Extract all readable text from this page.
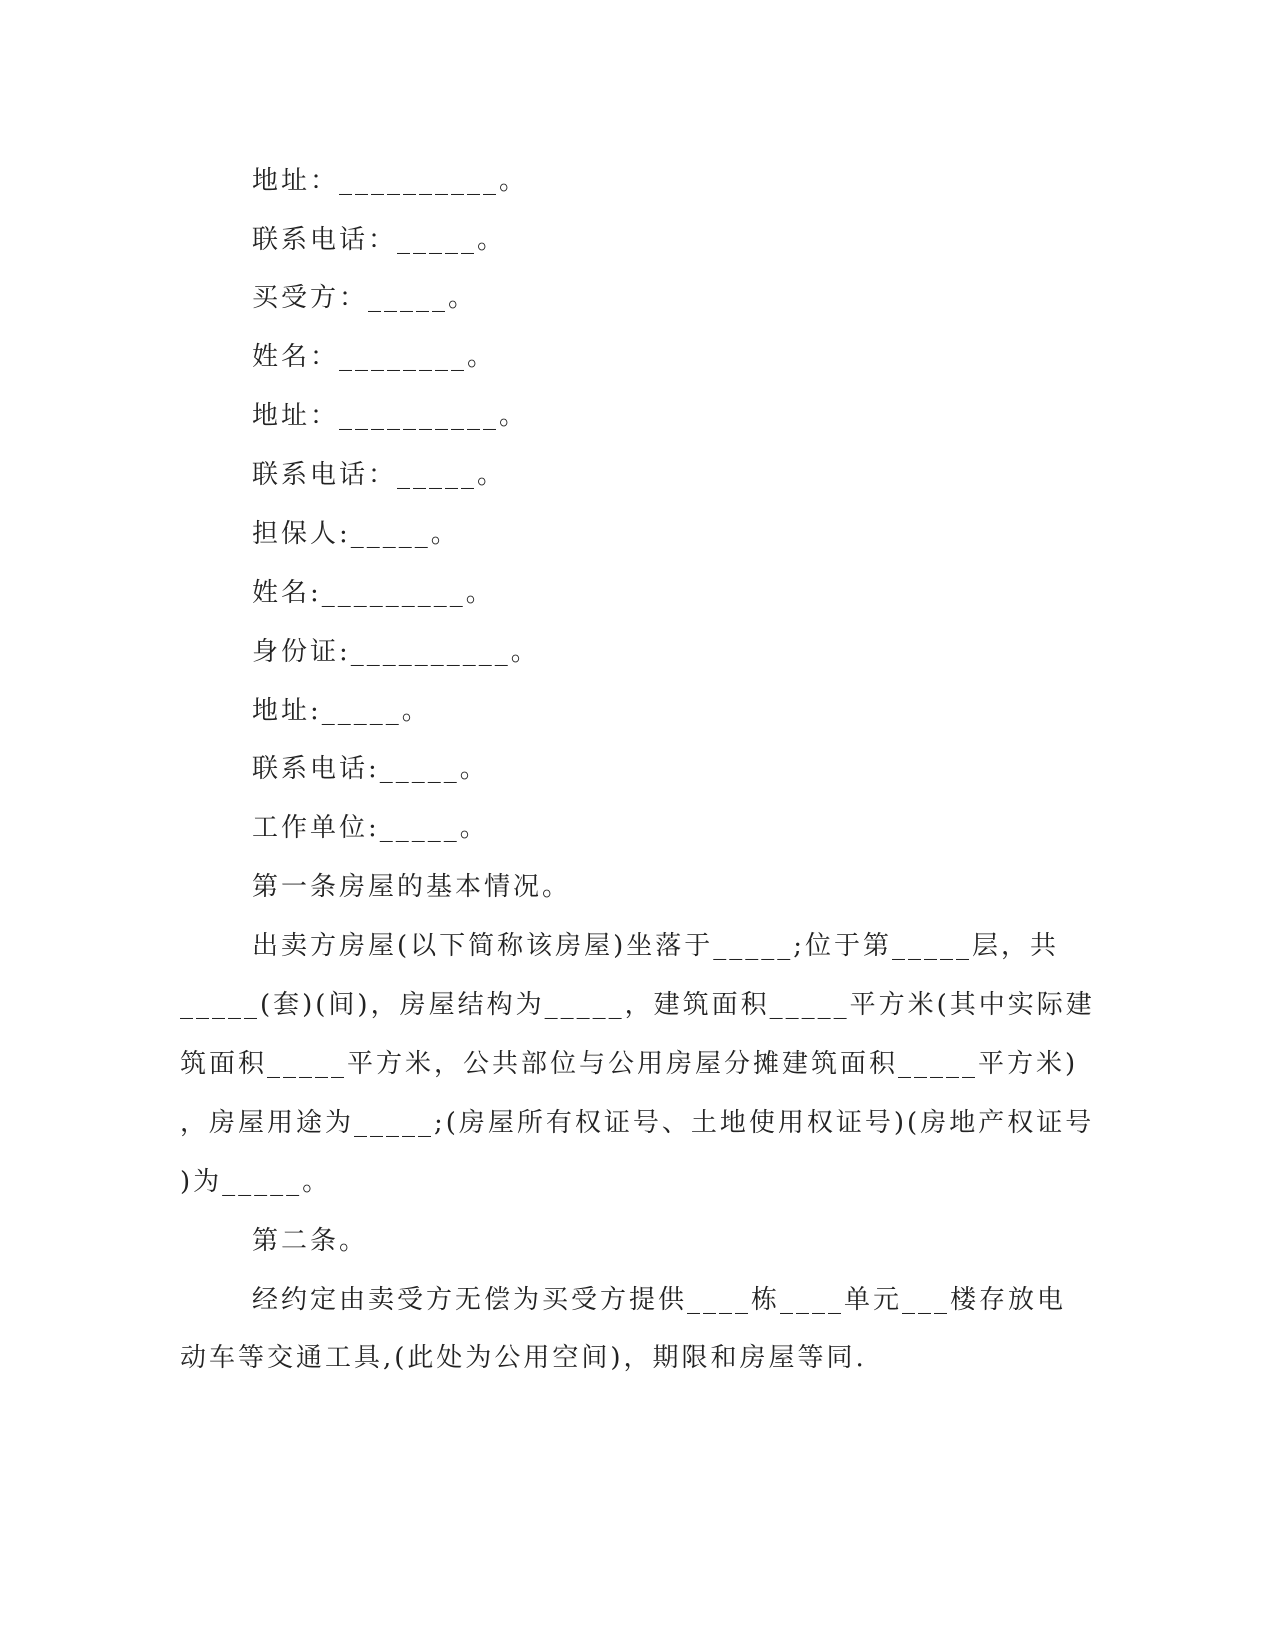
地址：__________。
联系电话：_____。
买受方：_____。
姓名：________。
地址：__________。
联系电话：_____。
担保人:_____。
姓名:_________。
身份证:__________。
地址:_____。
联系电话:_____。
工作单位:_____。
第一条房屋的基本情况。
出卖方房屋(以下简称该房屋)坐落于_____;位于第_____层，共
_____(套)(间)，房屋结构为_____，建筑面积_____平方米(其中实际建
筑面积_____平方米，公共部位与公用房屋分摊建筑面积_____平方米)
，房屋用途为_____;(房屋所有权证号、土地使用权证号)(房地产权证号
)为_____。
第二条。
经约定由卖受方无偿为买受方提供____栋____单元___楼存放电
动车等交通工具,(此处为公用空间)，期限和房屋等同.
